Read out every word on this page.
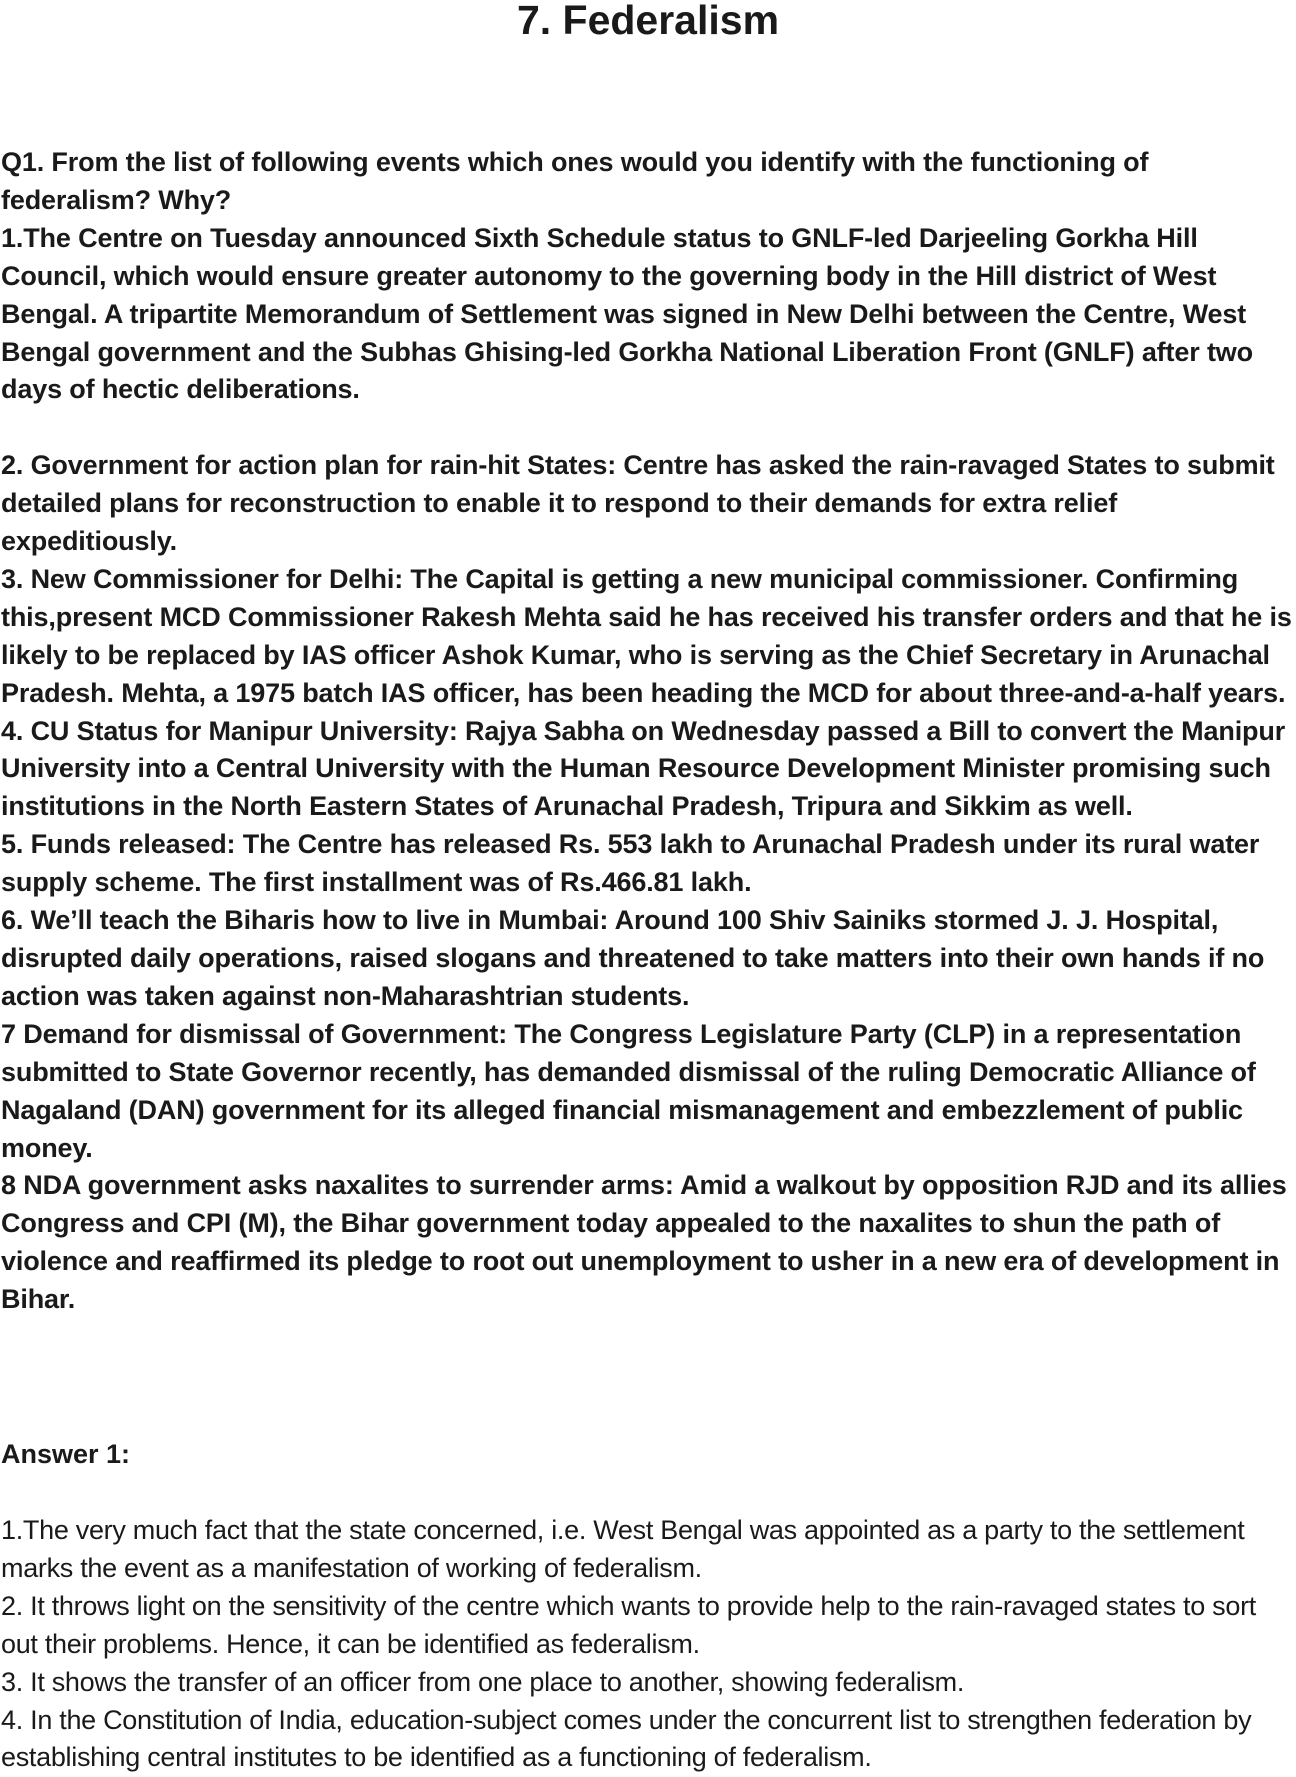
7. Federalism

Q1. From the list of following events which ones would you identify with the functioning of federalism? Why?

1.The Centre on Tuesday announced Sixth Schedule status to GNLF-led Darjeeling Gorkha Hill Council, which would ensure greater autonomy to the governing body in the Hill district of West Bengal. A tripartite Memorandum of Settlement was signed in New Delhi between the Centre, West Bengal government and the Subhas Ghising-led Gorkha National Liberation Front (GNLF) after two days of hectic deliberations.

2. Government for action plan for rain-hit States: Centre has asked the rain-ravaged States to submit detailed plans for reconstruction to enable it to respond to their demands for extra relief expeditiously.

3. New Commissioner for Delhi: The Capital is getting a new municipal commissioner. Confirming this,present MCD Commissioner Rakesh Mehta said he has received his transfer orders and that he is likely to be replaced by IAS officer Ashok Kumar, who is serving as the Chief Secretary in Arunachal Pradesh. Mehta, a 1975 batch IAS officer, has been heading the MCD for about three-and-a-half years.

4. CU Status for Manipur University: Rajya Sabha on Wednesday passed a Bill to convert the Manipur University into a Central University with the Human Resource Development Minister promising such institutions in the North Eastern States of Arunachal Pradesh, Tripura and Sikkim as well.

5. Funds released: The Centre has released Rs. 553 lakh to Arunachal Pradesh under its rural water supply scheme. The first installment was of Rs.466.81 lakh.

6. We’ll teach the Biharis how to live in Mumbai: Around 100 Shiv Sainiks stormed J. J. Hospital, disrupted daily operations, raised slogans and threatened to take matters into their own hands if no action was taken against non-Maharashtrian students.

7 Demand for dismissal of Government: The Congress Legislature Party (CLP) in a representation submitted to State Governor recently, has demanded dismissal of the ruling Democratic Alliance of Nagaland (DAN) government for its alleged financial mismanagement and embezzlement of public money.

8 NDA government asks naxalites to surrender arms: Amid a walkout by opposition RJD and its allies Congress and CPI (M), the Bihar government today appealed to the naxalites to shun the path of violence and reaffirmed its pledge to root out unemployment to usher in a new era of development in Bihar.

Answer 1:

1.The very much fact that the state concerned, i.e. West Bengal was appointed as a party to the settlement marks the event as a manifestation of working of federalism.

2. It throws light on the sensitivity of the centre which wants to provide help to the rain-ravaged states to sort out their problems. Hence, it can be identified as federalism.

3. It shows the transfer of an officer from one place to another, showing federalism.

4. In the Constitution of India, education-subject comes under the concurrent list to strengthen federation by establishing central institutes to be identified as a functioning of federalism.
